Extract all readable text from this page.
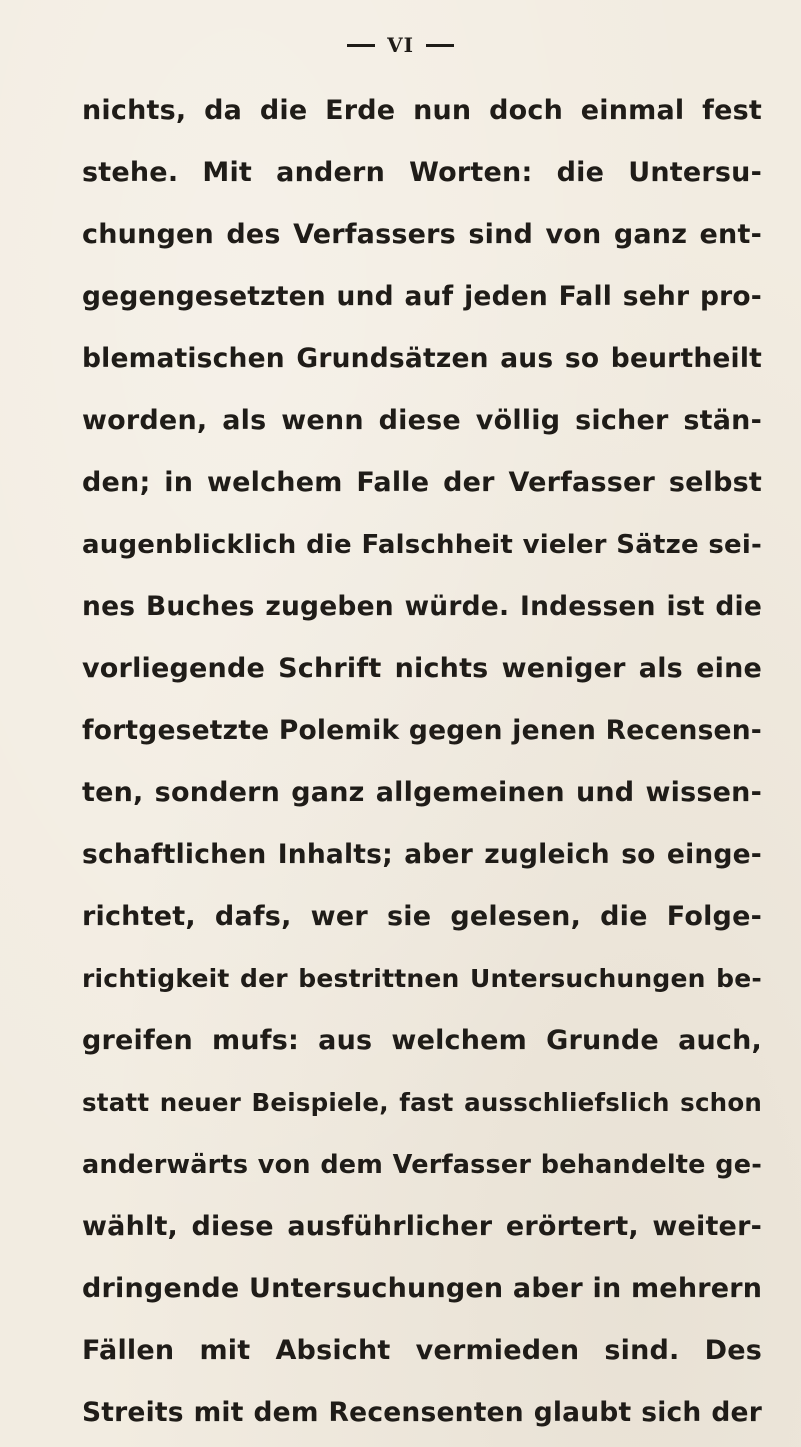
VI
nichts, da die Erde nun doch einmal fest
stehe. Mit andern Worten: die Untersu-
chungen des Verfassers sind von ganz ent-
gegengesetzten und auf jeden Fall sehr pro-
blematischen Grundsätzen aus so beurtheilt
worden, als wenn diese völlig sicher stän-
den; in welchem Falle der Verfasser selbst
augenblicklich die Falschheit vieler Sätze sei-
nes Buches zugeben würde. Indessen ist die
vorliegende Schrift nichts weniger als eine
fortgesetzte Polemik gegen jenen Recensen-
ten, sondern ganz allgemeinen und wissen-
schaftlichen Inhalts; aber zugleich so einge-
richtet, dafs, wer sie gelesen, die Folge-
richtigkeit der bestrittnen Untersuchungen be-
greifen mufs: aus welchem Grunde auch,
statt neuer Beispiele, fast ausschliefslich schon
anderwärts von dem Verfasser behandelte ge-
wählt, diese ausführlicher erörtert, weiter-
dringende Untersuchungen aber in mehrern
Fällen mit Absicht vermieden sind. Des
Streits mit dem Recensenten glaubt sich der
